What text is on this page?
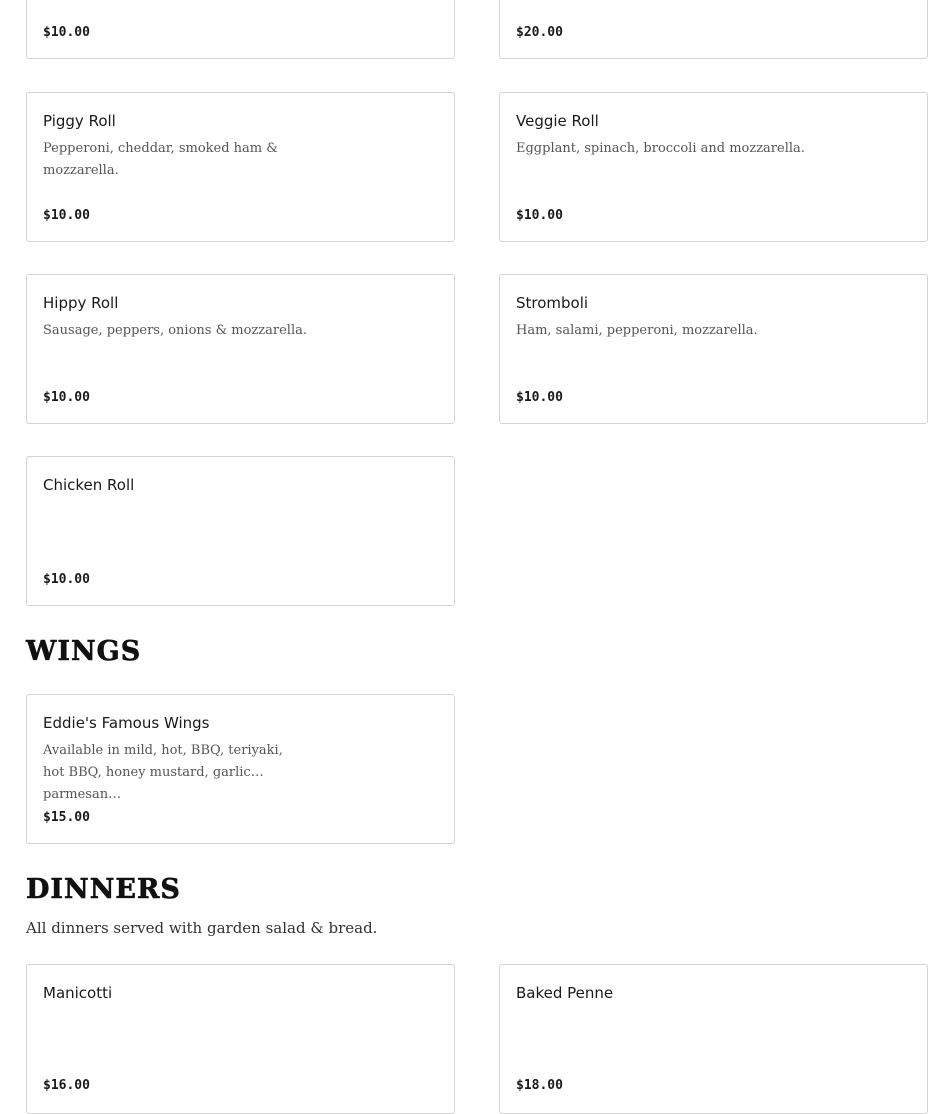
$10.00	$20.00
Piggy Roll
Pepperoni, cheddar, smoked ham & mozzarella.
$10.00
Veggie Roll
Eggplant, spinach, broccoli and mozzarella.
$10.00
Hippy Roll
Sausage, peppers, onions & mozzarella.
$10.00
Stromboli
Ham, salami, pepperoni, mozzarella.
$10.00
Chicken Roll
$10.00
WINGS
Eddie's Famous Wings
Available in mild, hot, BBQ, teriyaki, hot BBQ, honey mustard, garlic parmesan…
$15.00
DINNERS

All dinners served with garden salad & bread.

Manicotti
$16.00
Baked Penne
$18.00
